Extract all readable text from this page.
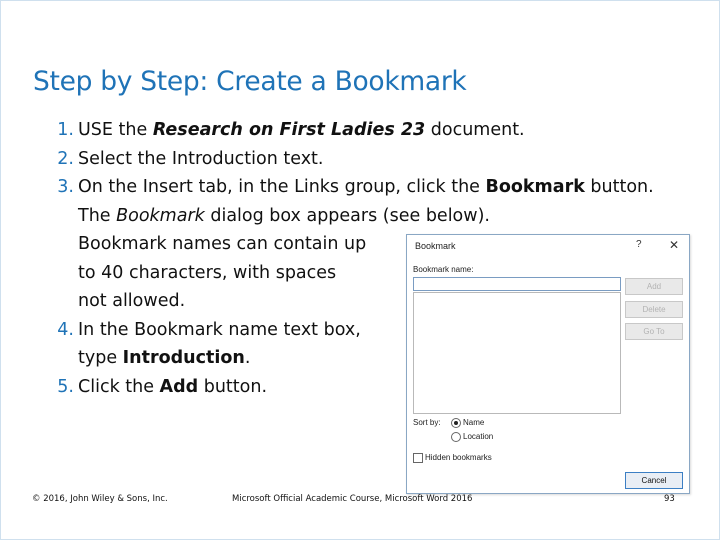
Step by Step: Create a Bookmark
1. USE the Research on First Ladies 23 document.
2. Select the Introduction text.
3. On the Insert tab, in the Links group, click the Bookmark button. The Bookmark dialog box appears (see below).
Bookmark names can contain up
to 40 characters, with spaces
not allowed.
4. In the Bookmark name text box,
type Introduction.
5. Click the Add button.
Bookmark	? ✕
Bookmark name:
Add
Delete
Go To
Sort by:	Name
Location
Hidden bookmarks
Cancel
© 2016, John Wiley & Sons, Inc.	Microsoft Official Academic Course, Microsoft Word 2016	93
